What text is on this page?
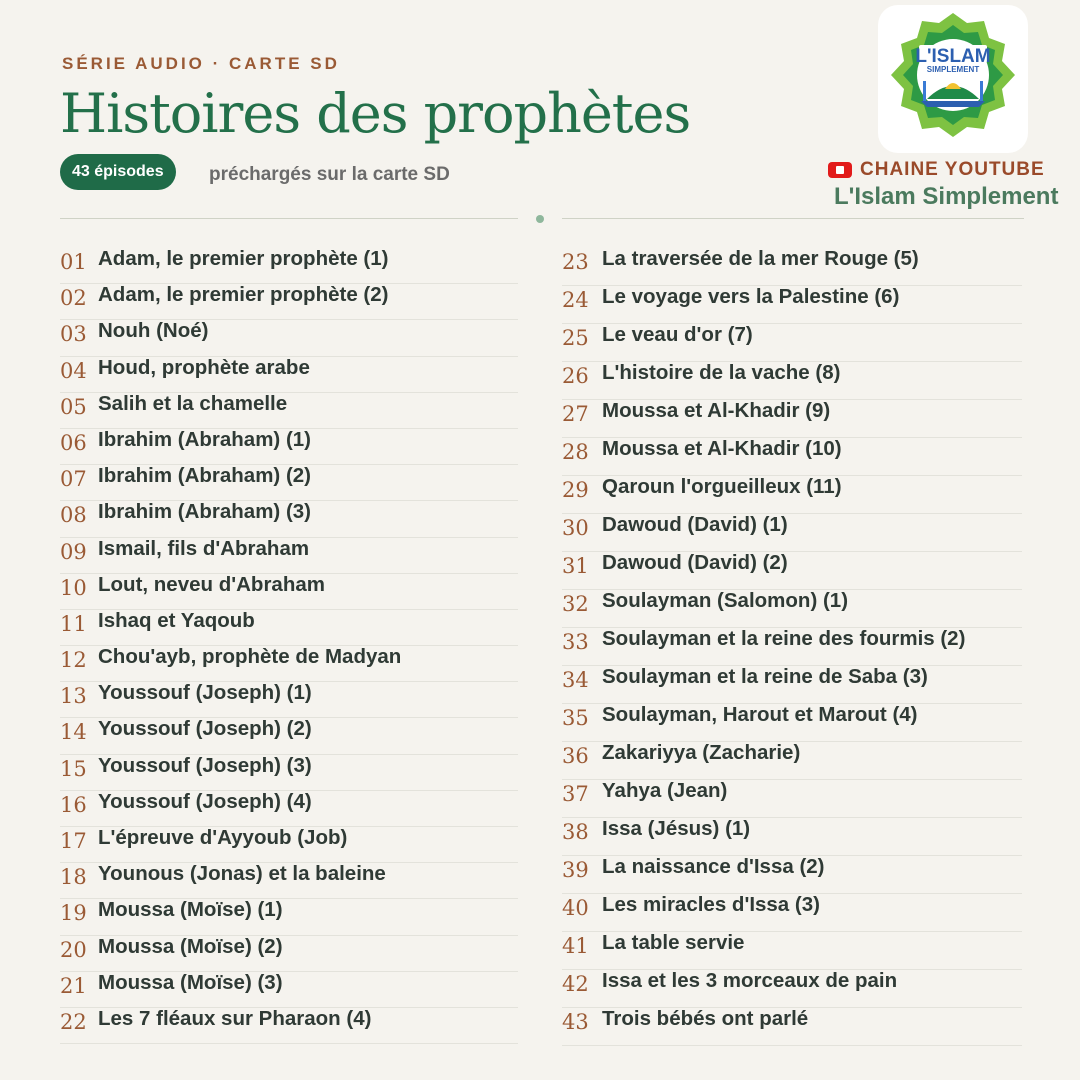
SÉRIE AUDIO · CARTE SD
Histoires des prophètes
43 épisodes	préchargés sur la carte SD
L'ISLAM
SIMPLEMENT
CHAINE YOUTUBE
L'Islam Simplement
01 Adam, le premier prophète (1)
02 Adam, le premier prophète (2)
03 Nouh (Noé)
04 Houd, prophète arabe
05 Salih et la chamelle
06 Ibrahim (Abraham) (1)
07 Ibrahim (Abraham) (2)
08 Ibrahim (Abraham) (3)
09 Ismail, fils d'Abraham
10 Lout, neveu d'Abraham
11 Ishaq et Yaqoub
12 Chou'ayb, prophète de Madyan
13 Youssouf (Joseph) (1)
14 Youssouf (Joseph) (2)
15 Youssouf (Joseph) (3)
16 Youssouf (Joseph) (4)
17 L'épreuve d'Ayyoub (Job)
18 Younous (Jonas) et la baleine
19 Moussa (Moïse) (1)
20 Moussa (Moïse) (2)
21 Moussa (Moïse) (3)
22 Les 7 fléaux sur Pharaon (4)
23 La traversée de la mer Rouge (5)
24 Le voyage vers la Palestine (6)
25 Le veau d'or (7)
26 L'histoire de la vache (8)
27 Moussa et Al-Khadir (9)
28 Moussa et Al-Khadir (10)
29 Qaroun l'orgueilleux (11)
30 Dawoud (David) (1)
31 Dawoud (David) (2)
32 Soulayman (Salomon) (1)
33 Soulayman et la reine des fourmis (2)
34 Soulayman et la reine de Saba (3)
35 Soulayman, Harout et Marout (4)
36 Zakariyya (Zacharie)
37 Yahya (Jean)
38 Issa (Jésus) (1)
39 La naissance d'Issa (2)
40 Les miracles d'Issa (3)
41 La table servie
42 Issa et les 3 morceaux de pain
43 Trois bébés ont parlé
